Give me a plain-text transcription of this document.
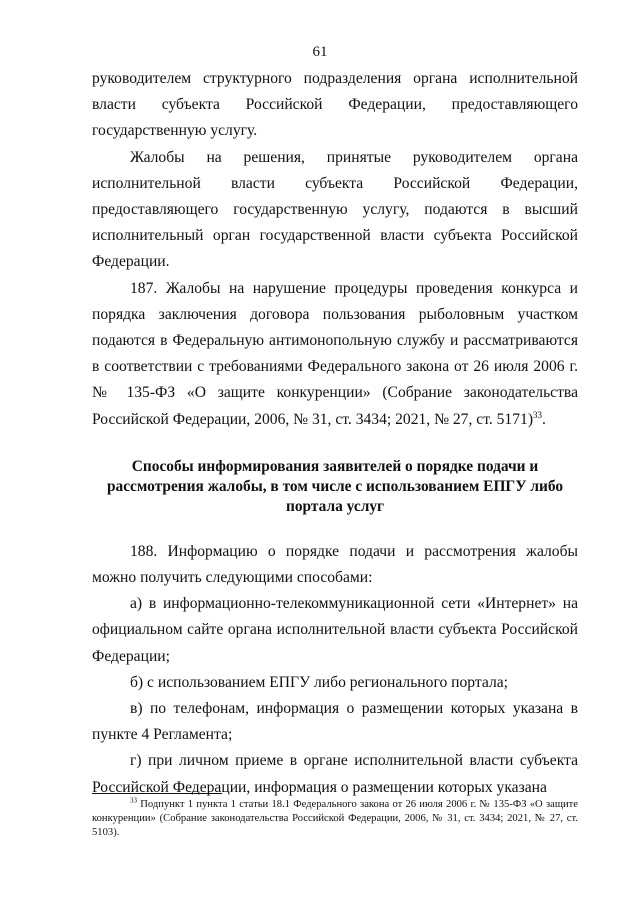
61

руководителем структурного подразделения органа исполнительной власти субъекта Российской Федерации, предоставляющего государственную услугу.

Жалобы на решения, принятые руководителем органа исполнительной власти субъекта Российской Федерации, предоставляющего государственную услугу, подаются в высший исполнительный орган государственной власти субъекта Российской Федерации.

187. Жалобы на нарушение процедуры проведения конкурса и порядка заключения договора пользования рыболовным участком подаются в Федеральную антимонопольную службу и рассматриваются в соответствии с требованиями Федерального закона от 26 июля 2006 г. № 135-ФЗ «О защите конкуренции» (Собрание законодательства Российской Федерации, 2006, № 31, ст. 3434; 2021, № 27, ст. 5171)$^{33}$.

Способы информирования заявителей о порядке подачи и рассмотрения жалобы, в том числе с использованием ЕПГУ либо портала услуг

188. Информацию о порядке подачи и рассмотрения жалобы можно получить следующими способами:

а) в информационно-телекоммуникационной сети «Интернет» на официальном сайте органа исполнительной власти субъекта Российской Федерации;

б) с использованием ЕПГУ либо регионального портала;

в) по телефонам, информация о размещении которых указана в пункте 4 Регламента;

г) при личном приеме в органе исполнительной власти субъекта Российской Федерации, информация о размещении которых указана

$^{33}$ Подпункт 1 пункта 1 статьи 18.1 Федерального закона от 26 июля 2006 г. № 135-ФЗ «О защите конкуренции» (Собрание законодательства Российской Федерации, 2006, № 31, ст. 3434; 2021, № 27, ст. 5103).
